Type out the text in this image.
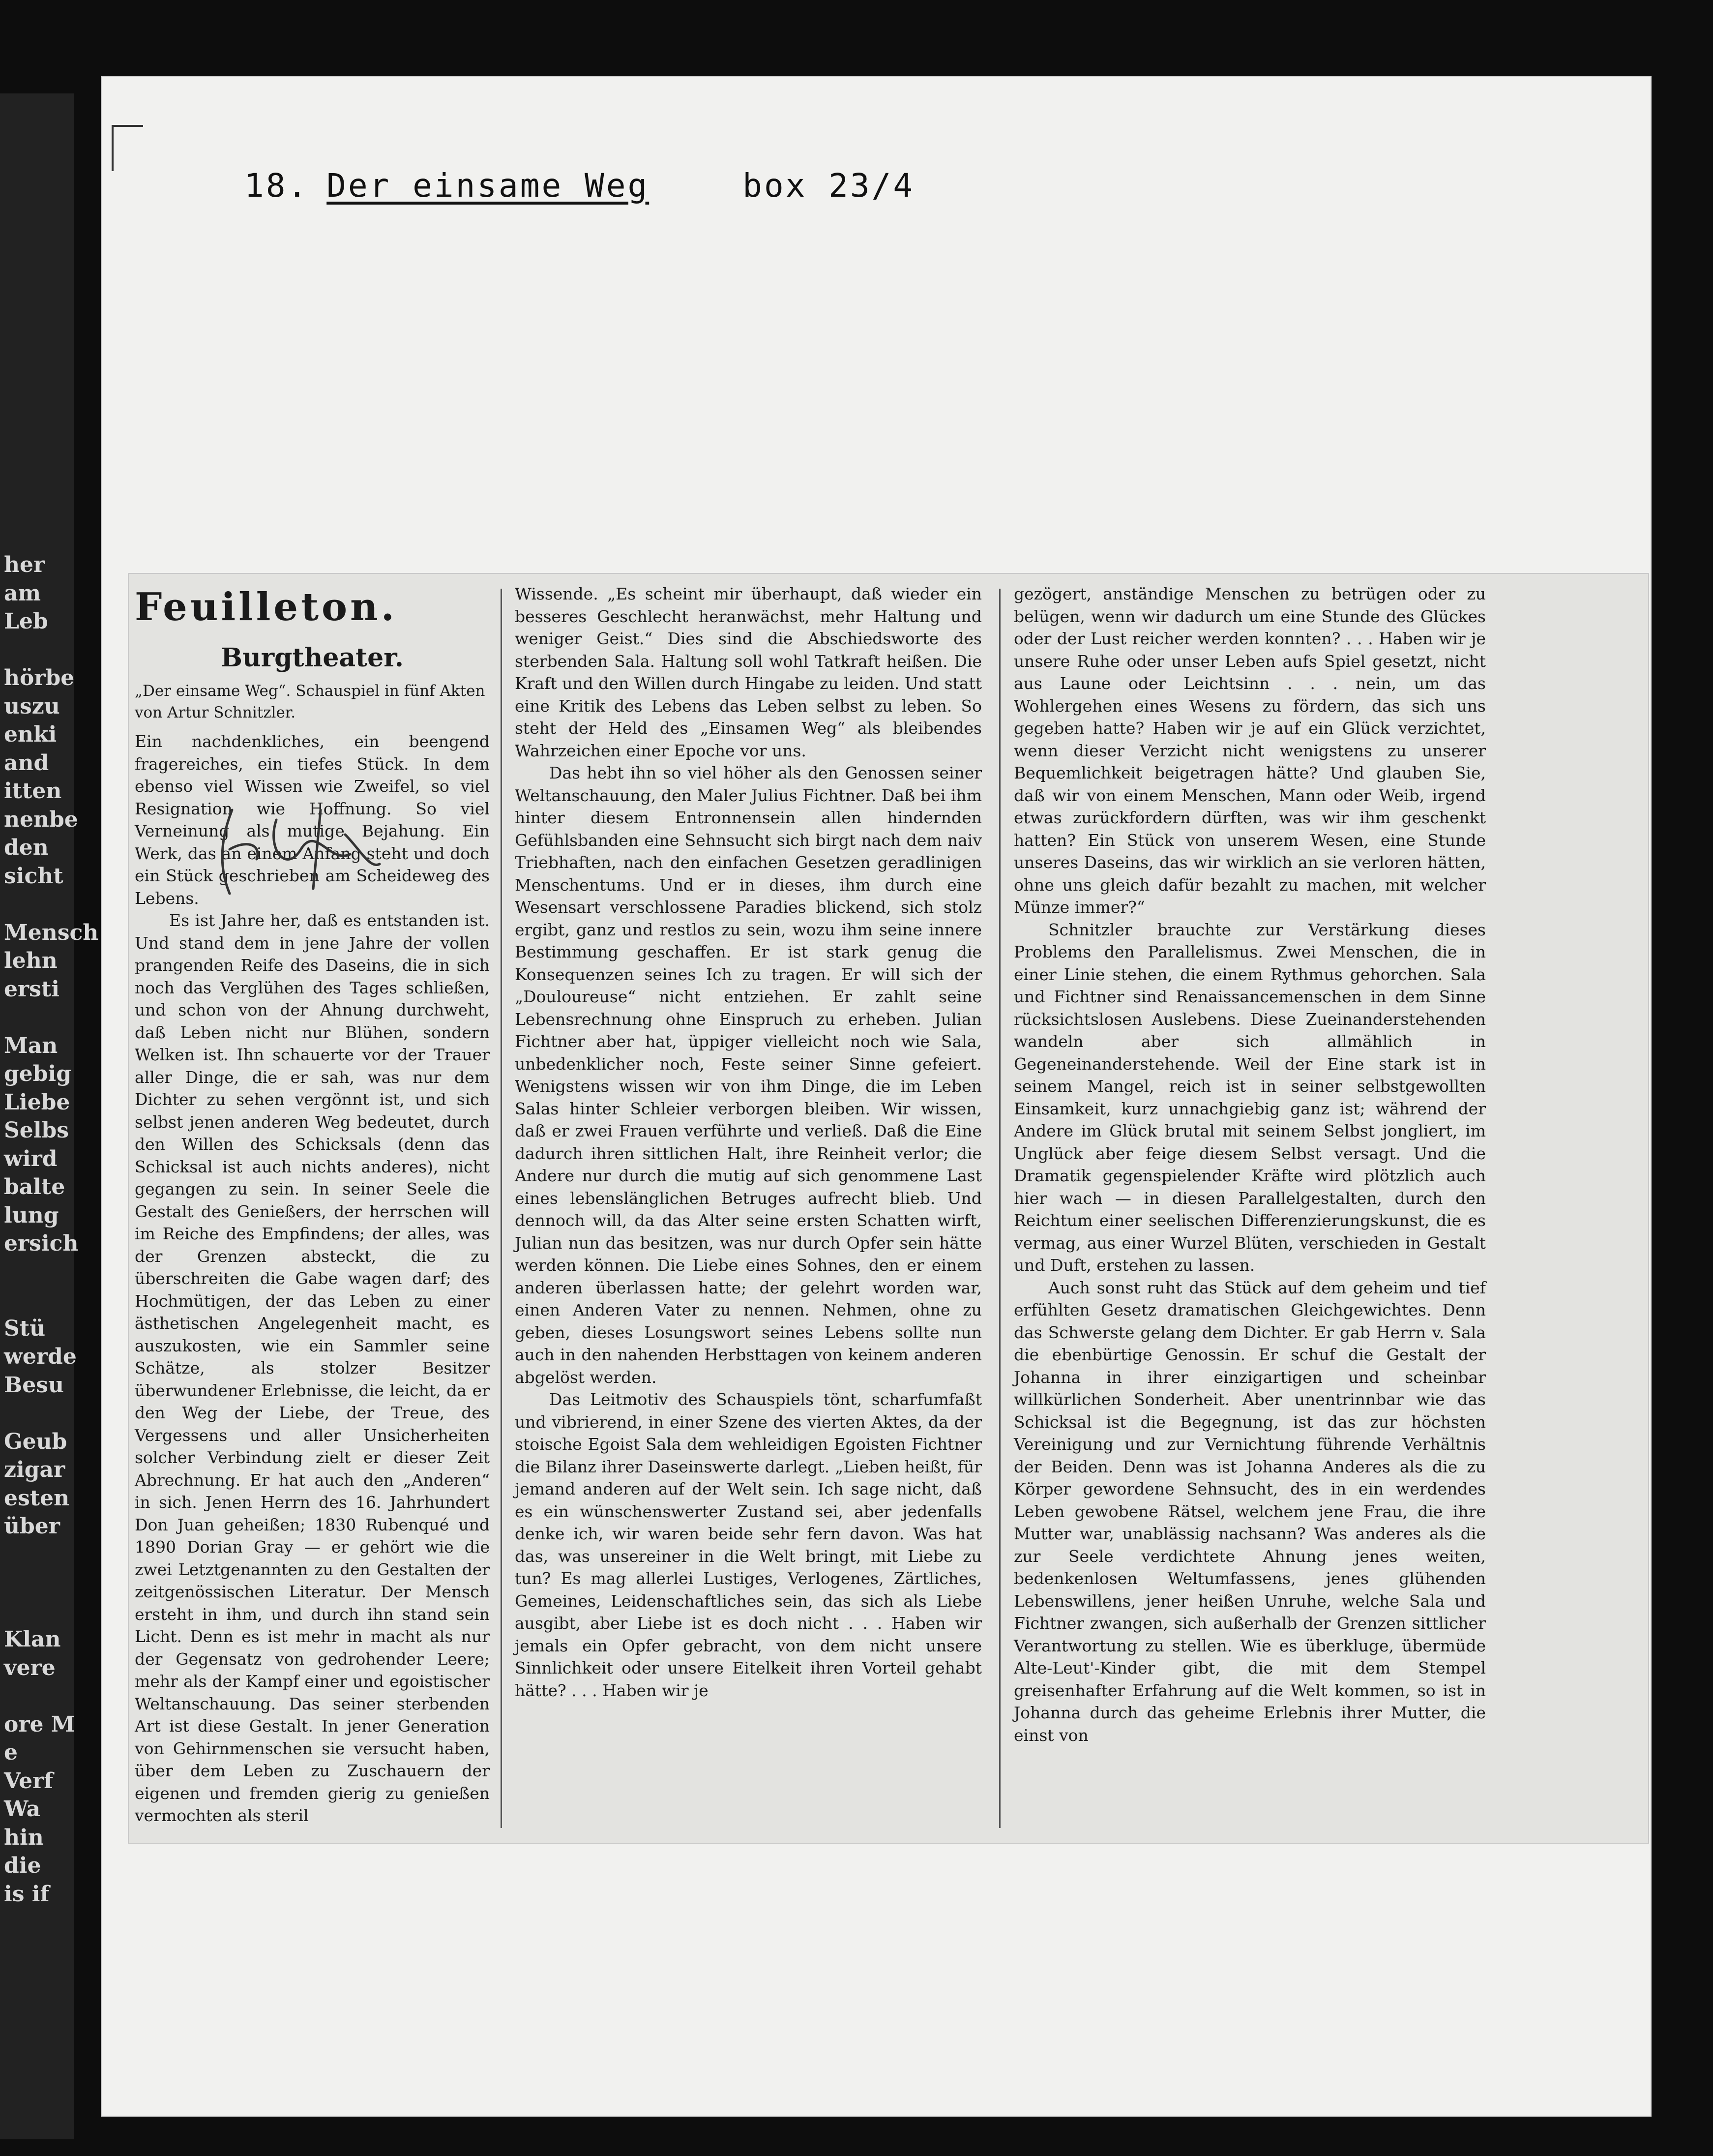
her
am
Leb

hörbe
uszu
enki
and
itten
nenbe
den
sicht

Mensch
lehn
ersti

Man
gebig
Liebe
Selbs
wird
balte
lung
ersich

Stü
werde
Besu

Geub
zigar
esten
über

Klan
vere

ore M
e
Verf
Wa
hin
die
is if

18. Der einsame Weg	box 23/4

Feuilleton.
Burgtheater.
„Der einsame Weg“. Schauspiel in fünf Akten von Artur Schnitzler.

Ein nachdenkliches, ein beengend fragereiches, ein tiefes Stück. In dem ebenso viel Wissen wie Zweifel, so viel Resignation wie Hoffnung. So viel Verneinung als mutige Bejahung. Ein Werk, das an einem Anfang steht und doch ein Stück geschrieben am Scheideweg des Lebens.

Es ist Jahre her, daß es entstanden ist. Und stand dem in jene Jahre der vollen prangenden Reife des Daseins, die in sich noch das Verglühen des Tages schließen, und schon von der Ahnung durchweht, daß Leben nicht nur Blühen, sondern Welken ist. Ihn schauerte vor der Trauer aller Dinge, die er sah, was nur dem Dichter zu sehen vergönnt ist, und sich selbst jenen anderen Weg bedeutet, durch den Willen des Schicksals (denn das Schicksal ist auch nichts anderes), nicht gegangen zu sein. In seiner Seele die Gestalt des Genießers, der herrschen will im Reiche des Empfindens; der alles, was der Grenzen absteckt, die zu überschreiten die Gabe wagen darf; des Hochmütigen, der das Leben zu einer ästhetischen Angelegenheit macht, es auszukosten, wie ein Sammler seine Schätze, als stolzer Besitzer überwundener Erlebnisse, die leicht, da er den Weg der Liebe, der Treue, des Vergessens und aller Unsicherheiten solcher Verbindung zielt er dieser Zeit Abrechnung. Er hat auch den „Anderen“ in sich. Jenen Herrn des 16. Jahrhundert Don Juan geheißen; 1830 Rubenqué und 1890 Dorian Gray — er gehört wie die zwei Letztgenannten zu den Gestalten der zeitgenössischen Literatur. Der Mensch ersteht in ihm, und durch ihn stand sein Licht. Denn es ist mehr in macht als nur der Gegensatz von gedrohender Leere; mehr als der Kampf einer und egoistischer Weltanschauung. Das seiner sterbenden Art ist diese Gestalt. In jener Generation von Gehirnmenschen sie versucht haben, über dem Leben zu Zuschauern der eigenen und fremden gierig zu genießen vermochten als steril

Wissende. „Es scheint mir überhaupt, daß wieder ein besseres Geschlecht heranwächst, mehr Haltung und weniger Geist.“ Dies sind die Abschiedsworte des sterbenden Sala. Haltung soll wohl Tatkraft heißen. Die Kraft und den Willen durch Hingabe zu leiden. Und statt eine Kritik des Lebens das Leben selbst zu leben. So steht der Held des „Einsamen Weg“ als bleibendes Wahrzeichen einer Epoche vor uns.

Das hebt ihn so viel höher als den Genossen seiner Weltanschauung, den Maler Julius Fichtner. Daß bei ihm hinter diesem Entronnensein allen hindernden Gefühlsbanden eine Sehnsucht sich birgt nach dem naiv Triebhaften, nach den einfachen Gesetzen geradlinigen Menschentums. Und er in dieses, ihm durch eine Wesensart verschlossene Paradies blickend, sich stolz ergibt, ganz und restlos zu sein, wozu ihm seine innere Bestimmung geschaffen. Er ist stark genug die Konsequenzen seines Ich zu tragen. Er will sich der „Douloureuse“ nicht entziehen. Er zahlt seine Lebensrechnung ohne Einspruch zu erheben. Julian Fichtner aber hat, üppiger vielleicht noch wie Sala, unbedenklicher noch, Feste seiner Sinne gefeiert. Wenigstens wissen wir von ihm Dinge, die im Leben Salas hinter Schleier verborgen bleiben. Wir wissen, daß er zwei Frauen verführte und verließ. Daß die Eine dadurch ihren sittlichen Halt, ihre Reinheit verlor; die Andere nur durch die mutig auf sich genommene Last eines lebenslänglichen Betruges aufrecht blieb. Und dennoch will, da das Alter seine ersten Schatten wirft, Julian nun das besitzen, was nur durch Opfer sein hätte werden können. Die Liebe eines Sohnes, den er einem anderen überlassen hatte; der gelehrt worden war, einen Anderen Vater zu nennen. Nehmen, ohne zu geben, dieses Losungswort seines Lebens sollte nun auch in den nahenden Herbsttagen von keinem anderen abgelöst werden.

Das Leitmotiv des Schauspiels tönt, scharfumfaßt und vibrierend, in einer Szene des vierten Aktes, da der stoische Egoist Sala dem wehleidigen Egoisten Fichtner die Bilanz ihrer Daseinswerte darlegt. „Lieben heißt, für jemand anderen auf der Welt sein. Ich sage nicht, daß es ein wünschenswerter Zustand sei, aber jedenfalls denke ich, wir waren beide sehr fern davon. Was hat das, was unsereiner in die Welt bringt, mit Liebe zu tun? Es mag allerlei Lustiges, Verlogenes, Zärtliches, Gemeines, Leidenschaftliches sein, das sich als Liebe ausgibt, aber Liebe ist es doch nicht . . . Haben wir jemals ein Opfer gebracht, von dem nicht unsere Sinnlichkeit oder unsere Eitelkeit ihren Vorteil gehabt hätte? . . . Haben wir je

gezögert, anständige Menschen zu betrügen oder zu belügen, wenn wir dadurch um eine Stunde des Glückes oder der Lust reicher werden konnten? . . . Haben wir je unsere Ruhe oder unser Leben aufs Spiel gesetzt, nicht aus Laune oder Leichtsinn . . . nein, um das Wohlergehen eines Wesens zu fördern, das sich uns gegeben hatte? Haben wir je auf ein Glück verzichtet, wenn dieser Verzicht nicht wenigstens zu unserer Bequemlichkeit beigetragen hätte? Und glauben Sie, daß wir von einem Menschen, Mann oder Weib, irgend etwas zurückfordern dürften, was wir ihm geschenkt hatten? Ein Stück von unserem Wesen, eine Stunde unseres Daseins, das wir wirklich an sie verloren hätten, ohne uns gleich dafür bezahlt zu machen, mit welcher Münze immer?“

Schnitzler brauchte zur Verstärkung dieses Problems den Parallelismus. Zwei Menschen, die in einer Linie stehen, die einem Rythmus gehorchen. Sala und Fichtner sind Renaissancemenschen in dem Sinne rücksichtslosen Auslebens. Diese Zueinanderstehenden wandeln aber sich allmählich in Gegeneinanderstehende. Weil der Eine stark ist in seinem Mangel, reich ist in seiner selbstgewollten Einsamkeit, kurz unnachgiebig ganz ist; während der Andere im Glück brutal mit seinem Selbst jongliert, im Unglück aber feige diesem Selbst versagt. Und die Dramatik gegenspielender Kräfte wird plötzlich auch hier wach — in diesen Parallelgestalten, durch den Reichtum einer seelischen Differenzierungskunst, die es vermag, aus einer Wurzel Blüten, verschieden in Gestalt und Duft, erstehen zu lassen.

Auch sonst ruht das Stück auf dem geheim und tief erfühlten Gesetz dramatischen Gleichgewichtes. Denn das Schwerste gelang dem Dichter. Er gab Herrn v. Sala die ebenbürtige Genossin. Er schuf die Gestalt der Johanna in ihrer einzigartigen und scheinbar willkürlichen Sonderheit. Aber unentrinnbar wie das Schicksal ist die Begegnung, ist das zur höchsten Vereinigung und zur Vernichtung führende Verhältnis der Beiden. Denn was ist Johanna Anderes als die zu Körper gewordene Sehnsucht, des in ein werdendes Leben gewobene Rätsel, welchem jene Frau, die ihre Mutter war, unablässig nachsann? Was anderes als die zur Seele verdichtete Ahnung jenes weiten, bedenkenlosen Weltumfassens, jenes glühenden Lebenswillens, jener heißen Unruhe, welche Sala und Fichtner zwangen, sich außerhalb der Grenzen sittlicher Verantwortung zu stellen. Wie es überkluge, übermüde Alte-Leut'-Kinder gibt, die mit dem Stempel greisenhafter Erfahrung auf die Welt kommen, so ist in Johanna durch das geheime Erlebnis ihrer Mutter, die einst von
